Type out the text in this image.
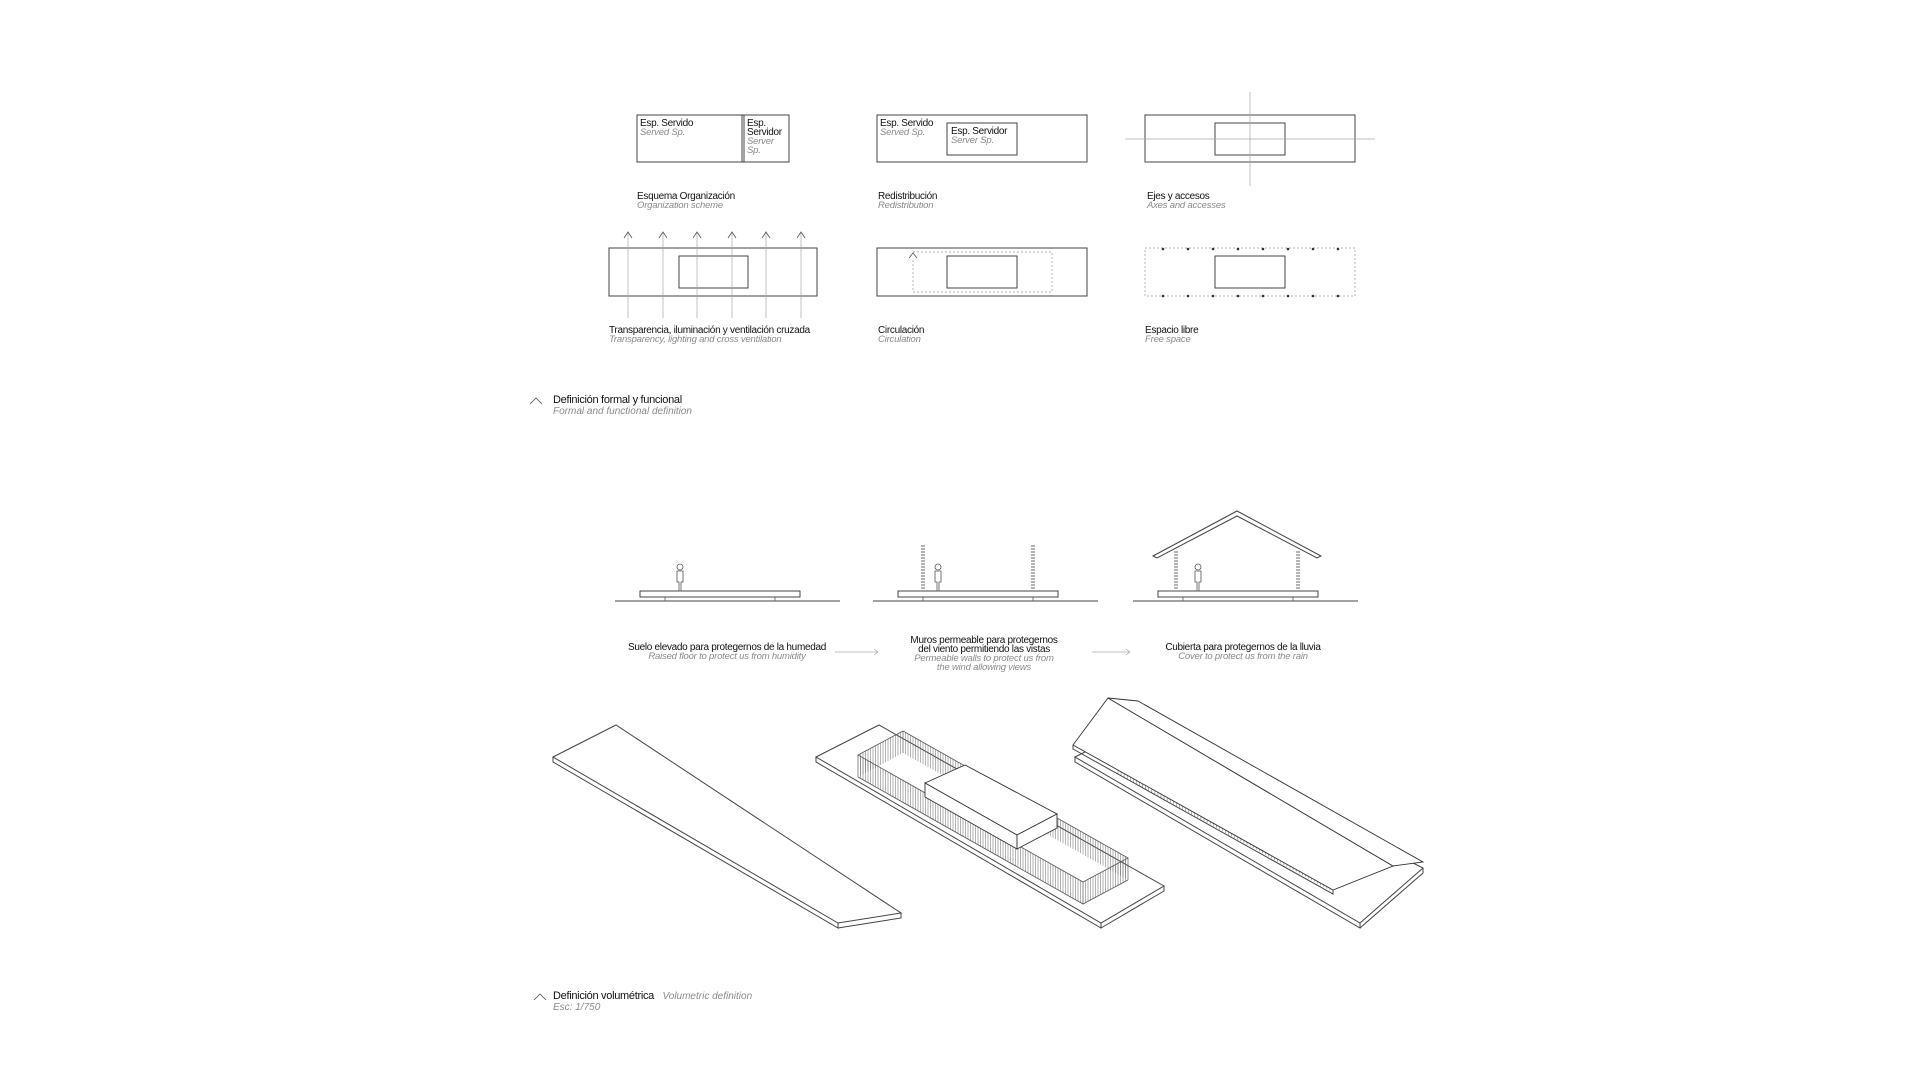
Esp. Servido
Served Sp.
Esp.
Servidor
Server
Sp.
Esquema Organización
Organization scheme
Esp. Servido
Served Sp.	Esp. Servidor
Server Sp.
Redistribución
Redistribution
Ejes y accesos
Axes and accesses
Transparencia, iluminación y ventilación cruzada
Transparency, lighting and cross ventilation
Circulación
Circulation
Espacio libre
Free space
Definición formal y funcional
Formal and functional definition
Suelo elevado para protegernos de la humedad
Raised floor to protect us from humidity
Muros permeable para protegernos
del viento permitiendo las vistas
Permeable walls to protect us from
the wind allowing views
Cubierta para protegernos de la lluvia
Cover to protect us from the rain
Definición volumétrica Volumetric definition
Esc: 1/750
